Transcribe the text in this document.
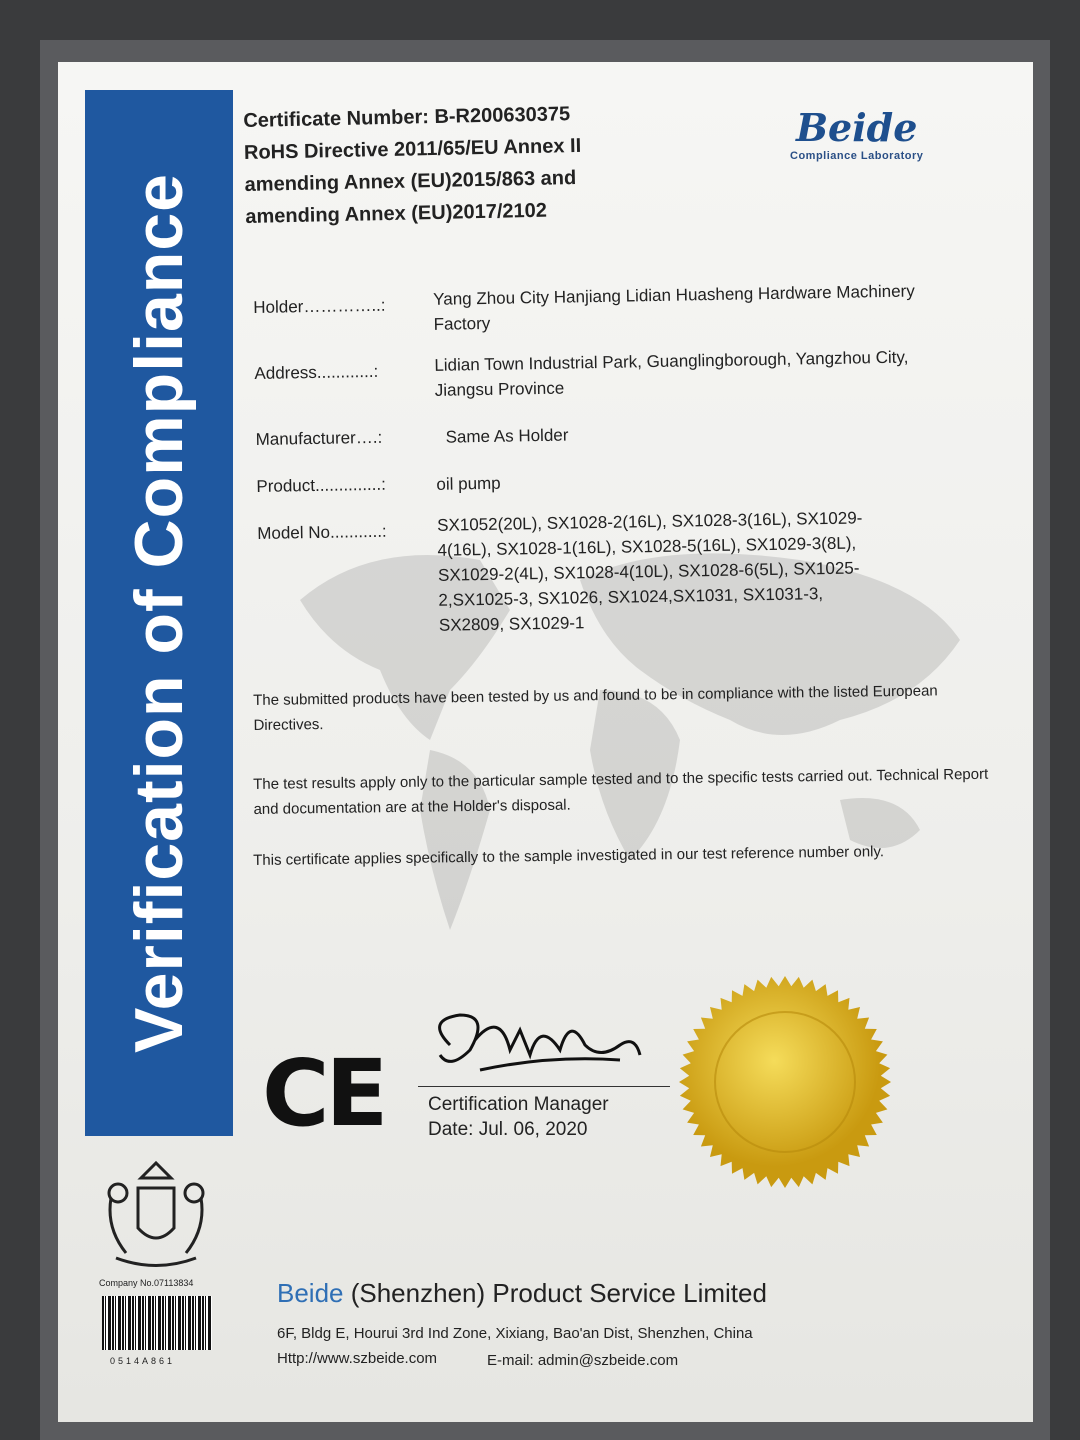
Verification of Compliance
Certificate Number: B-R200630375
RoHS Directive 2011/65/EU Annex II
amending Annex (EU)2015/863 and
amending Annex (EU)2017/2102
Beide
Compliance Laboratory
Holder…………..:	Yang Zhou City Hanjiang Lidian Huasheng Hardware Machinery Factory
Address............:	Lidian Town Industrial Park, Guanglingborough, Yangzhou City, Jiangsu Province
Manufacturer….:	Same As Holder
Product..............:	oil pump
Model No...........:	SX1052(20L), SX1028-2(16L), SX1028-3(16L), SX1029-4(16L), SX1028-1(16L), SX1028-5(16L), SX1029-3(8L), SX1029-2(4L), SX1028-4(10L), SX1028-6(5L), SX1025-2,SX1025-3, SX1026, SX1024,SX1031, SX1031-3, SX2809, SX1029-1
The submitted products have been tested by us and found to be in compliance with the listed European Directives.
The test results apply only to the particular sample tested and to the specific tests carried out. Technical Report and documentation are at the Holder's disposal.
This certificate applies specifically to the sample investigated in our test reference number only.
CE Certification Manager
Date: Jul. 06, 2020
Company No.07113834
0514A861
Beide (Shenzhen) Product Service Limited
6F, Bldg E, Hourui 3rd Ind Zone, Xixiang, Bao'an Dist, Shenzhen, China
Http://www.szbeide.com	E-mail: admin@szbeide.com
